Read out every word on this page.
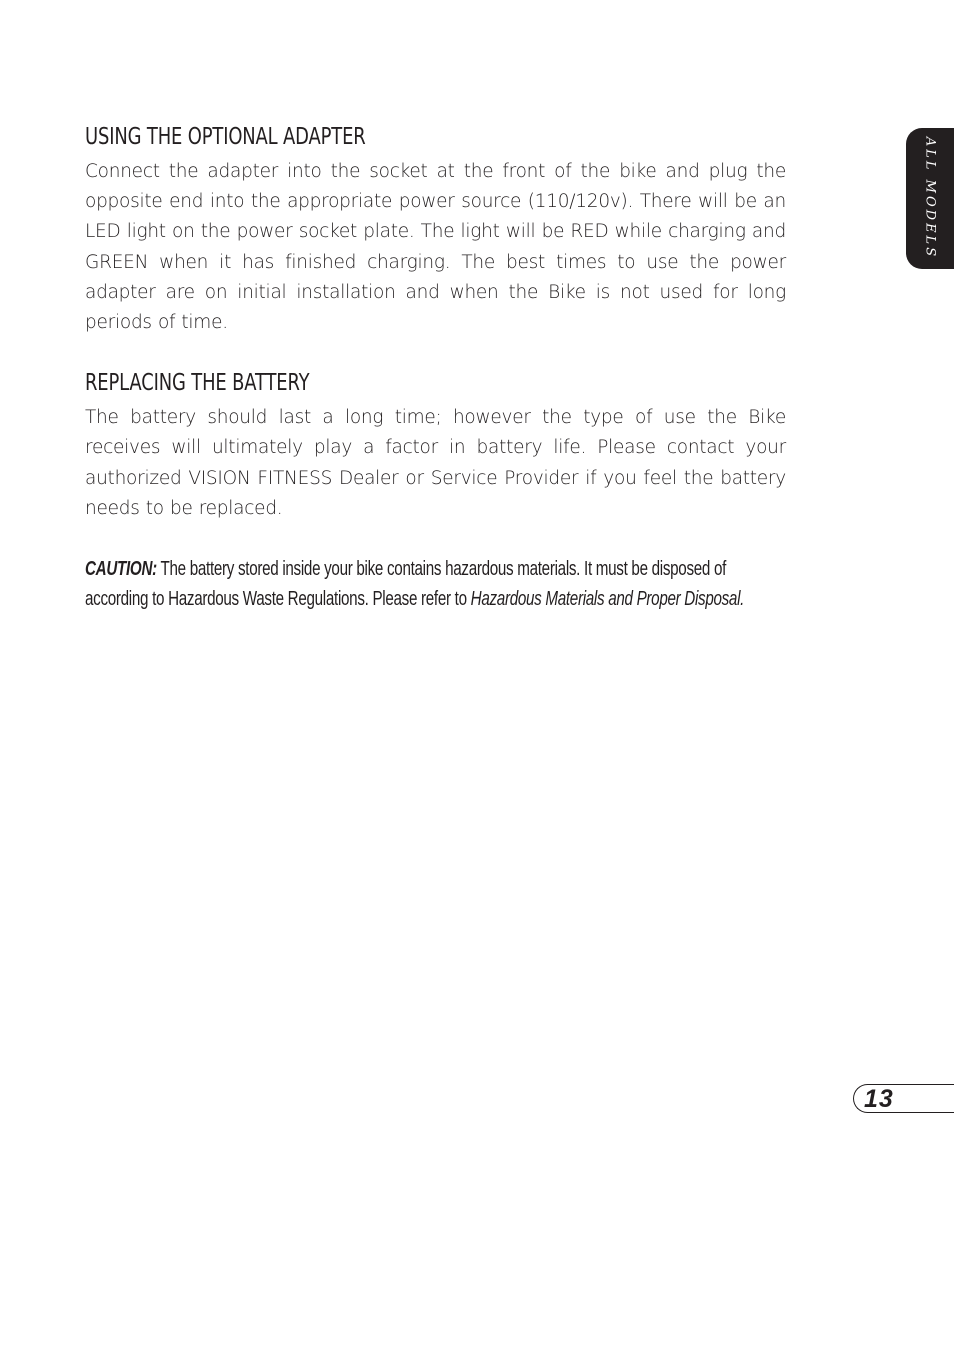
ALL MODELS
USING THE OPTIONAL ADAPTER

Connect the adapter into the socket at the front of the bike and plug the opposite end into the appropriate power source (110/120v). There will be an LED light on the power socket plate. The light will be RED while charging and GREEN when it has finished charging. The best times to use the power adapter are on initial installation and when the Bike is not used for long periods of time.

REPLACING THE BATTERY

The battery should last a long time; however the type of use the Bike receives will ultimately play a factor in battery life. Please contact your authorized VISION FITNESS Dealer or Service Provider if you feel the battery needs to be replaced.

CAUTION: The battery stored inside your bike contains hazardous materials. It must be disposed of
according to Hazardous Waste Regulations. Please refer to Hazardous Materials and Proper Disposal.
13
